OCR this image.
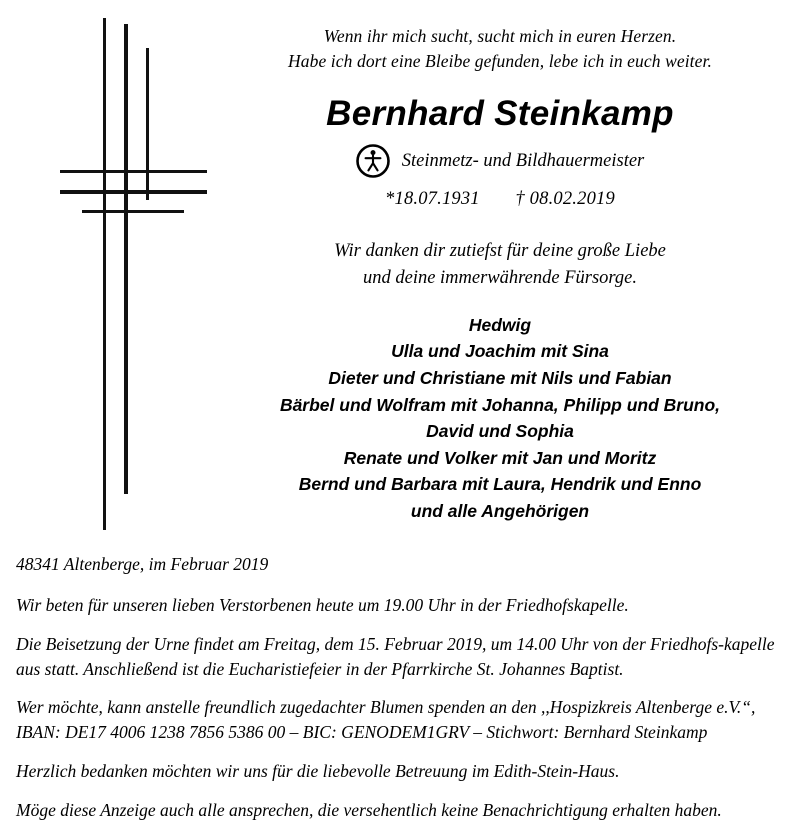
Wenn ihr mich sucht, sucht mich in euren Herzen.
Habe ich dort eine Bleibe gefunden, lebe ich in euch weiter.
Bernhard Steinkamp
Steinmetz- und Bildhauermeister
*18.07.1931 † 08.02.2019
Wir danken dir zutiefst für deine große Liebe
und deine immerwährende Fürsorge.
Hedwig
Ulla und Joachim mit Sina
Dieter und Christiane mit Nils und Fabian
Bärbel und Wolfram mit Johanna, Philipp und Bruno,
David und Sophia
Renate und Volker mit Jan und Moritz
Bernd und Barbara mit Laura, Hendrik und Enno
und alle Angehörigen

48341 Altenberge, im Februar 2019

Wir beten für unseren lieben Verstorbenen heute um 19.00 Uhr in der Friedhofskapelle.

Die Beisetzung der Urne findet am Freitag, dem 15. Februar 2019, um 14.00 Uhr von der Friedhofs-kapelle aus statt. Anschließend ist die Eucharistiefeier in der Pfarrkirche St. Johannes Baptist.

Wer möchte, kann anstelle freundlich zugedachter Blumen spenden an den ,,Hospizkreis Altenberge e.V.“, IBAN: DE17 4006 1238 7856 5386 00 – BIC: GENODEM1GRV – Stichwort: Bernhard Steinkamp

Herzlich bedanken möchten wir uns für die liebevolle Betreuung im Edith-Stein-Haus.

Möge diese Anzeige auch alle ansprechen, die versehentlich keine Benachrichtigung erhalten haben.
